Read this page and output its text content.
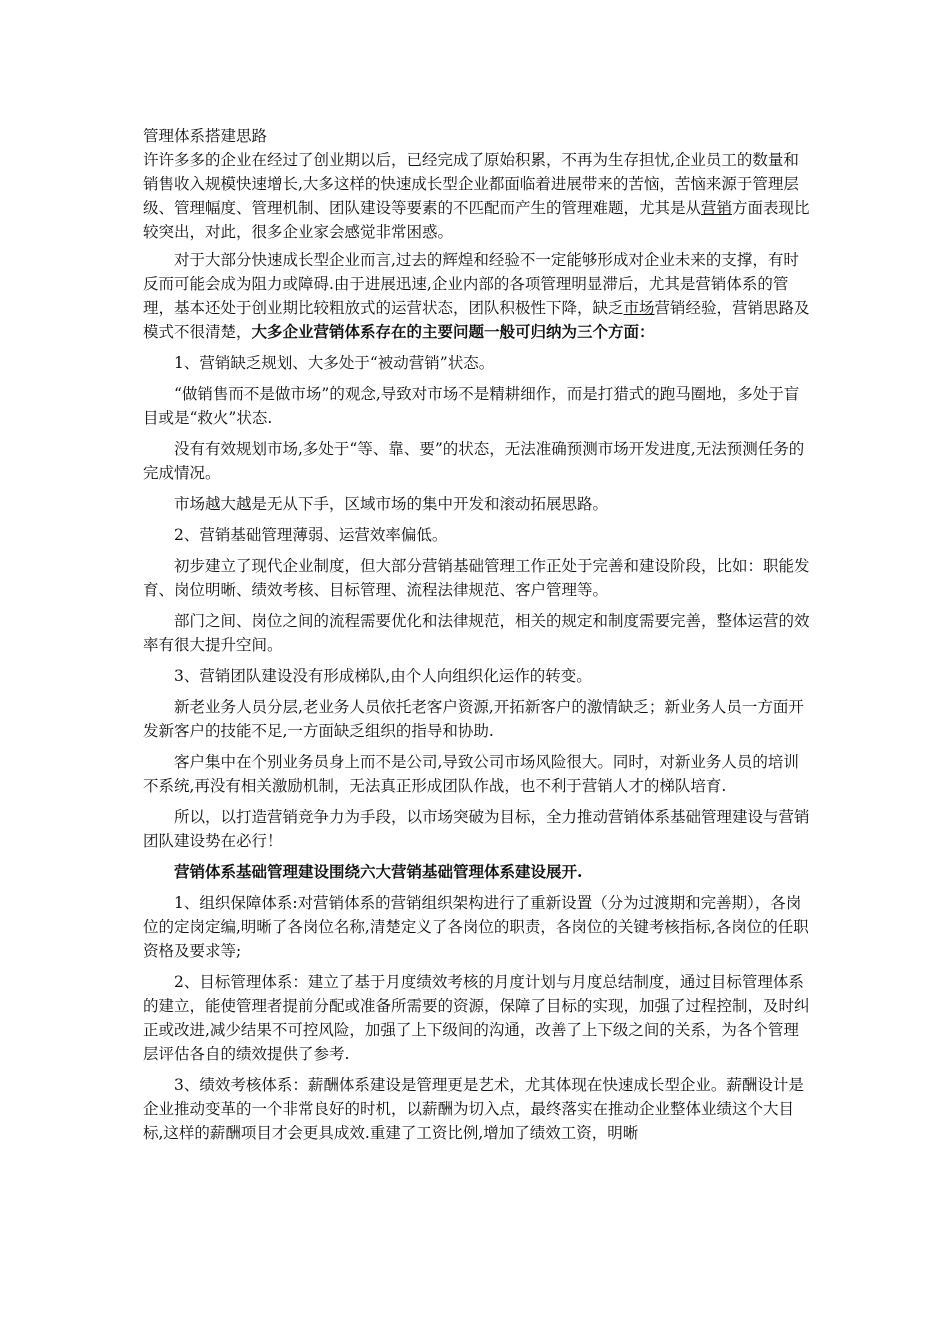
管理体系搭建思路

许许多多的企业在经过了创业期以后，已经完成了原始积累，不再为生存担忧,企业员工的数量和销售收入规模快速增长,大多这样的快速成长型企业都面临着进展带来的苦恼，苦恼来源于管理层级、管理幅度、管理机制、团队建设等要素的不匹配而产生的管理难题，尤其是从营销方面表现比较突出，对此，很多企业家会感觉非常困惑。

对于大部分快速成长型企业而言,过去的辉煌和经验不一定能够形成对企业未来的支撑，有时反而可能会成为阻力或障碍.由于进展迅速,企业内部的各项管理明显滞后，尤其是营销体系的管理，基本还处于创业期比较粗放式的运营状态，团队积极性下降，缺乏市场营销经验，营销思路及模式不很清楚，大多企业营销体系存在的主要问题一般可归纳为三个方面：

1、营销缺乏规划、大多处于“被动营销”状态。

“做销售而不是做市场”的观念,导致对市场不是精耕细作，而是打猎式的跑马圈地，多处于盲目或是“救火”状态.

没有有效规划市场,多处于“等、靠、要”的状态，无法准确预测市场开发进度,无法预测任务的完成情况。

市场越大越是无从下手，区域市场的集中开发和滚动拓展思路。

2、营销基础管理薄弱、运营效率偏低。

初步建立了现代企业制度，但大部分营销基础管理工作正处于完善和建设阶段，比如：职能发育、岗位明晰、绩效考核、目标管理、流程法律规范、客户管理等。

部门之间、岗位之间的流程需要优化和法律规范，相关的规定和制度需要完善，整体运营的效率有很大提升空间。

3、营销团队建设没有形成梯队,由个人向组织化运作的转变。

新老业务人员分层,老业务人员依托老客户资源,开拓新客户的激情缺乏；新业务人员一方面开发新客户的技能不足,一方面缺乏组织的指导和协助.

客户集中在个别业务员身上而不是公司,导致公司市场风险很大。同时，对新业务人员的培训不系统,再没有相关激励机制，无法真正形成团队作战，也不利于营销人才的梯队培育.

所以，以打造营销竞争力为手段，以市场突破为目标，全力推动营销体系基础管理建设与营销团队建设势在必行！

营销体系基础管理建设围绕六大营销基础管理体系建设展开.

1、组织保障体系:对营销体系的营销组织架构进行了重新设置（分为过渡期和完善期），各岗位的定岗定编,明晰了各岗位名称,清楚定义了各岗位的职责，各岗位的关键考核指标,各岗位的任职资格及要求等;

2、目标管理体系：建立了基于月度绩效考核的月度计划与月度总结制度，通过目标管理体系的建立，能使管理者提前分配或准备所需要的资源，保障了目标的实现，加强了过程控制，及时纠正或改进,减少结果不可控风险，加强了上下级间的沟通，改善了上下级之间的关系，为各个管理层评估各自的绩效提供了参考.

3、绩效考核体系：薪酬体系建设是管理更是艺术，尤其体现在快速成长型企业。薪酬设计是企业推动变革的一个非常良好的时机，以薪酬为切入点，最终落实在推动企业整体业绩这个大目标,这样的薪酬项目才会更具成效.重建了工资比例,增加了绩效工资，明晰
